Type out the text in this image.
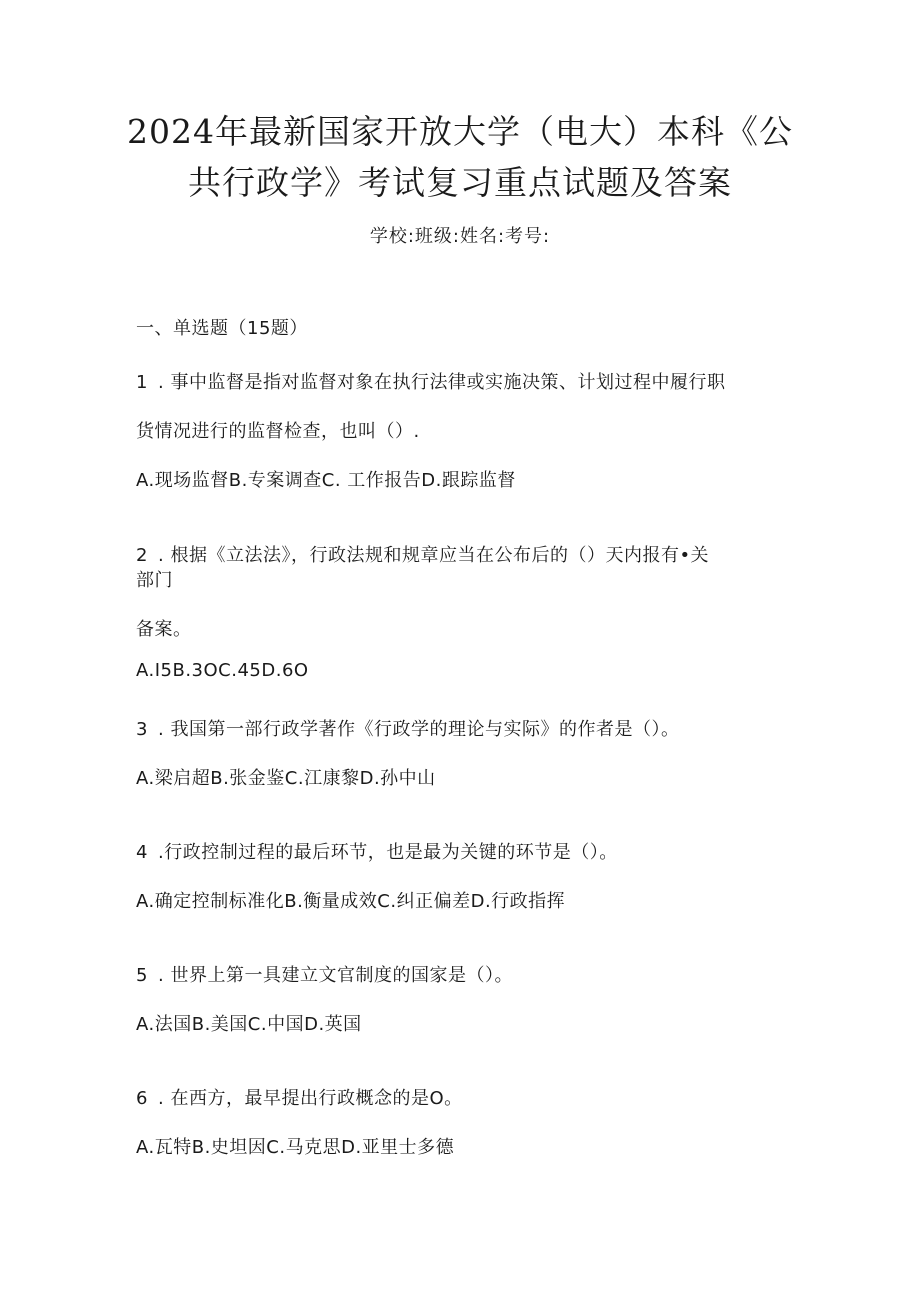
2024年最新国家开放大学（电大）本科《公
共行政学》考试复习重点试题及答案
学校:班级:姓名:考号:
一、单选题（15题）
1 . 事中监督是指对监督对象在执行法律或实施决策、计划过程中履行职
货情况进行的监督检查，也叫（）.
A.现场监督B.专案调查C. 工作报告D.跟踪监督
2 . 根据《立法法》，行政法规和规章应当在公布后的（）天内报有•关
部门
备案。
A.I5B.3OC.45D.6O
3 . 我国第一部行政学著作《行政学的理论与实际》的作者是（）。
A.梁启超B.张金鉴C.江康黎D.孙中山
4 .行政控制过程的最后环节，也是最为关键的环节是（）。
A.确定控制标准化B.衡量成效C.纠正偏差D.行政指挥
5 . 世界上第一具建立文官制度的国家是（）。
A.法国B.美国C.中国D.英国
6 . 在西方，最早提出行政概念的是O。
A.瓦特B.史坦因C.马克思D.亚里士多德
